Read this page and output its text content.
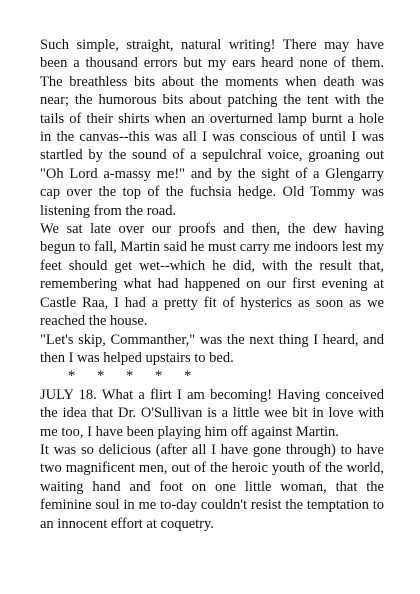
Such simple, straight, natural writing! There may have been a thousand errors but my ears heard none of them. The breathless bits about the moments when death was near; the humorous bits about patching the tent with the tails of their shirts when an overturned lamp burnt a hole in the canvas--this was all I was conscious of until I was startled by the sound of a sepulchral voice, groaning out "Oh Lord a-massy me!" and by the sight of a Glengarry cap over the top of the fuchsia hedge. Old Tommy was listening from the road.

We sat late over our proofs and then, the dew having begun to fall, Martin said he must carry me indoors lest my feet should get wet--which he did, with the result that, remembering what had happened on our first evening at Castle Raa, I had a pretty fit of hysterics as soon as we reached the house.

"Let's skip, Commanther," was the next thing I heard, and then I was helped upstairs to bed.

*      *      *      *      *

JULY 18. What a flirt I am becoming! Having conceived the idea that Dr. O'Sullivan is a little wee bit in love with me too, I have been playing him off against Martin.

It was so delicious (after all I have gone through) to have two magnificent men, out of the heroic youth of the world, waiting hand and foot on one little woman, that the feminine soul in me to-day couldn't resist the temptation to an innocent effort at coquetry.
